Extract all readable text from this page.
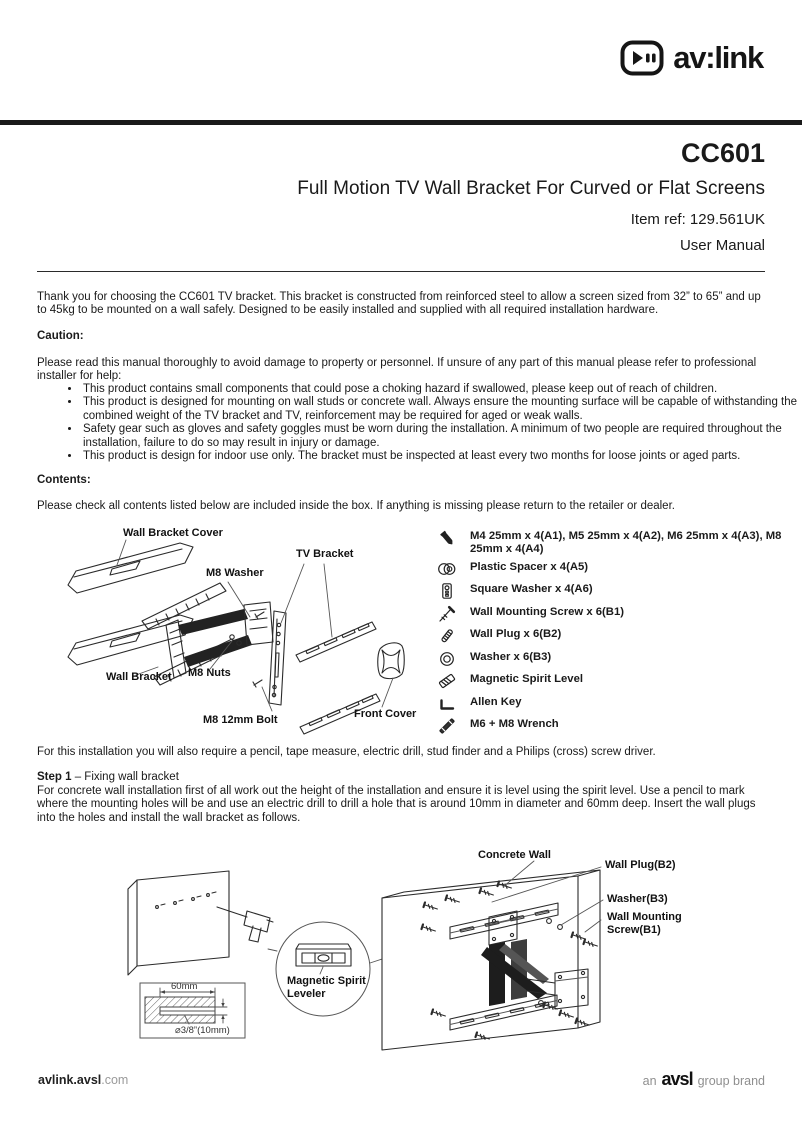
av:link
CC601
Full Motion TV Wall Bracket For Curved or Flat Screens
Item ref: 129.561UK
User Manual

Thank you for choosing the CC601 TV bracket. This bracket is constructed from reinforced steel to allow a screen sized from 32” to 65” and up to 45kg to be mounted on a wall safely. Designed to be easily installed and supplied with all required installation hardware.

Caution:

Please read this manual thoroughly to avoid damage to property or personnel. If unsure of any part of this manual please refer to professional installer for help:

• This product contains small components that could pose a choking hazard if swallowed, please keep out of reach of children.
• This product is designed for mounting on wall studs or concrete wall. Always ensure the mounting surface will be capable of withstanding the combined weight of the TV bracket and TV, reinforcement may be required for aged or weak walls.
• Safety gear such as gloves and safety goggles must be worn during the installation. A minimum of two people are required throughout the installation, failure to do so may result in injury or damage.
• This product is design for indoor use only. The bracket must be inspected at least every two months for loose joints or aged parts.
Contents:

Please check all contents listed below are included inside the box. If anything is missing please return to the retailer or dealer.

Wall Bracket Cover
M8 Washer
TV Bracket
Wall Bracket M8 Nuts
M8 12mm Bolt	Front Cover
M4 25mm x 4(A1), M5 25mm x 4(A2), M6 25mm x 4(A3), M8 25mm x 4(A4)
Plastic Spacer x 4(A5)
Square Washer x 4(A6)
Wall Mounting Screw x 6(B1)
Wall Plug x 6(B2)
Washer x 6(B3)
Magnetic Spirit Level
Allen Key
M6 + M8 Wrench

For this installation you will also require a pencil, tape measure, electric drill, stud finder and a Philips (cross) screw driver.

Step 1 – Fixing wall bracket

For concrete wall installation first of all work out the height of the installation and ensure it is level using the spirit level. Use a pencil to mark where the mounting holes will be and use an electric drill to drill a hole that is around 10mm in diameter and 60mm deep. Insert the wall plugs into the holes and install the wall bracket as follows.

Concrete Wall
Wall Plug(B2)
Washer(B3)
Wall Mounting Screw(B1)
Magnetic Spirit Leveler
60mm
⌀3/8”(10mm)
avlink.avsl.com	an avsl group brand
